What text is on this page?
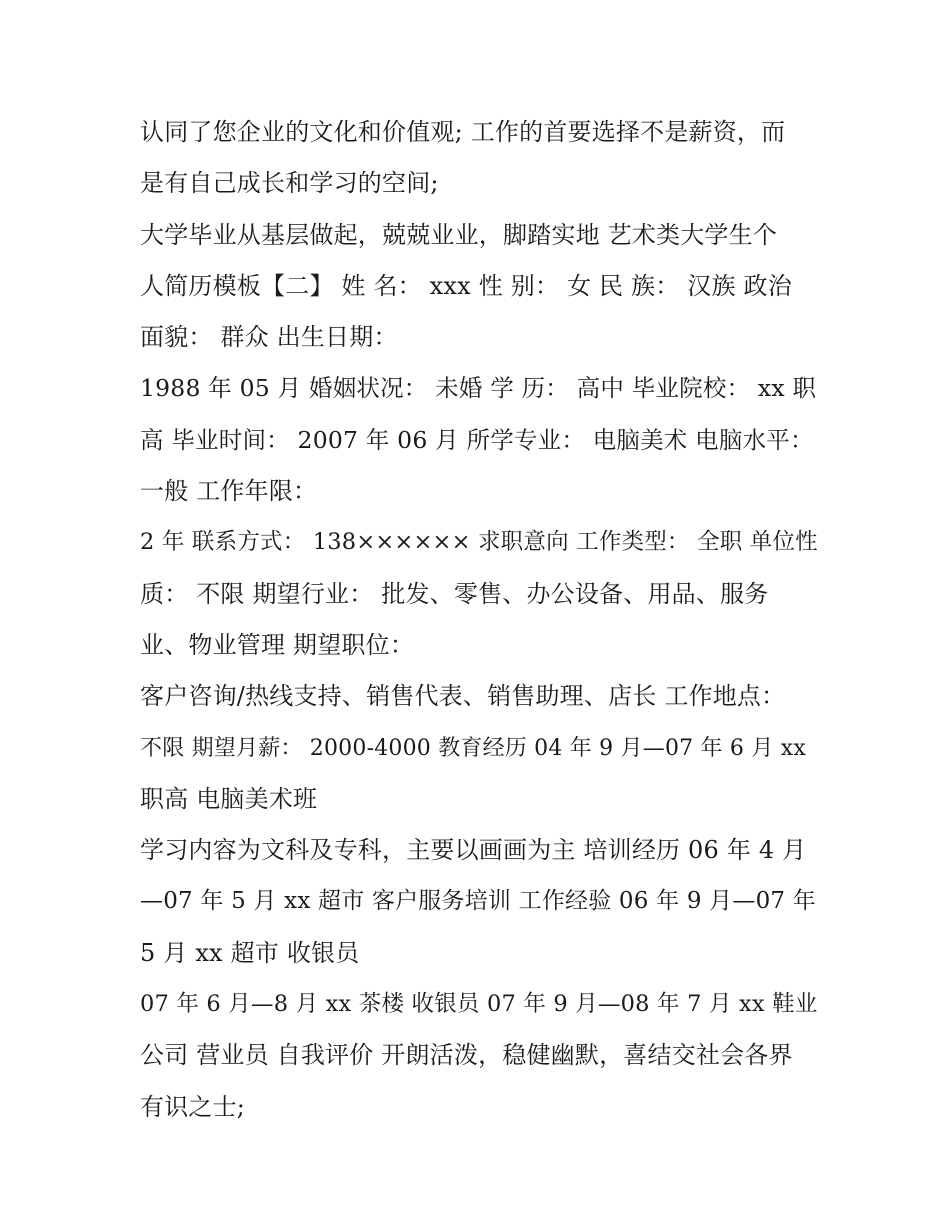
认同了您企业的文化和价值观; 工作的首要选择不是薪资，而
是有自己成长和学习的空间;
大学毕业从基层做起，兢兢业业，脚踏实地 艺术类大学生个
人简历模板【二】 姓 名： xxx 性 别： 女 民 族： 汉族 政治
面貌： 群众 出生日期：
1988 年 05 月 婚姻状况： 未婚 学 历： 高中 毕业院校： xx 职
高 毕业时间： 2007 年 06 月 所学专业： 电脑美术 电脑水平：
一般 工作年限：
2 年 联系方式： 138×××××× 求职意向 工作类型： 全职 单位性
质： 不限 期望行业： 批发、零售、办公设备、用品、服务
业、物业管理 期望职位：
客户咨询/热线支持、销售代表、销售助理、店长 工作地点：
不限 期望月薪： 2000-4000 教育经历 04 年 9 月—07 年 6 月 xx
职高 电脑美术班
学习内容为文科及专科，主要以画画为主 培训经历 06 年 4 月
—07 年 5 月 xx 超市 客户服务培训 工作经验 06 年 9 月—07 年
5 月 xx 超市 收银员
07 年 6 月—8 月 xx 茶楼 收银员 07 年 9 月—08 年 7 月 xx 鞋业
公司 营业员 自我评价 开朗活泼，稳健幽默，喜结交社会各界
有识之士;
